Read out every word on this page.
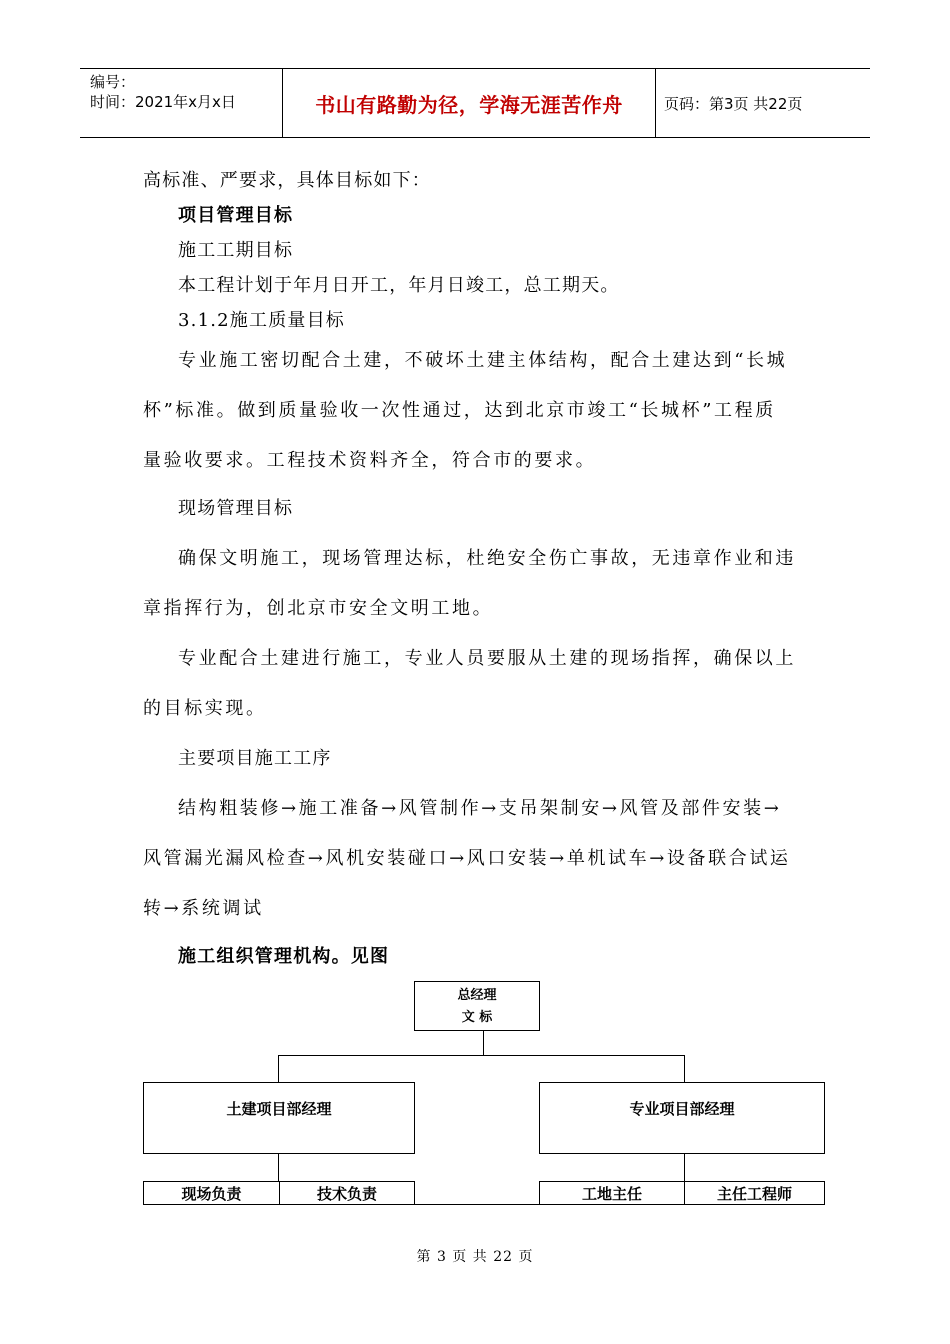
编号：
时间：2021年x月x日	书山有路勤为径，学海无涯苦作舟	页码：第3页 共22页
高标准、严要求，具体目标如下：
项目管理目标
施工工期目标
本工程计划于年月日开工，年月日竣工，总工期天。
3.1.2施工质量目标
专业施工密切配合土建，不破坏土建主体结构，配合土建达到“长城
杯”标准。做到质量验收一次性通过，达到北京市竣工“长城杯”工程质
量验收要求。工程技术资料齐全，符合市的要求。
现场管理目标
确保文明施工，现场管理达标，杜绝安全伤亡事故，无违章作业和违
章指挥行为，创北京市安全文明工地。
专业配合土建进行施工，专业人员要服从土建的现场指挥，确保以上
的目标实现。
主要项目施工工序
结构粗装修→施工准备→风管制作→支吊架制安→风管及部件安装→
风管漏光漏风检查→风机安装碰口→风口安装→单机试车→设备联合试运
转→系统调试
施工组织管理机构。见图
总经理
文 标
土建项目部经理	专业项目部经理
现场负责	技术负责	工地主任	主任工程师
第 3 页 共 22 页
